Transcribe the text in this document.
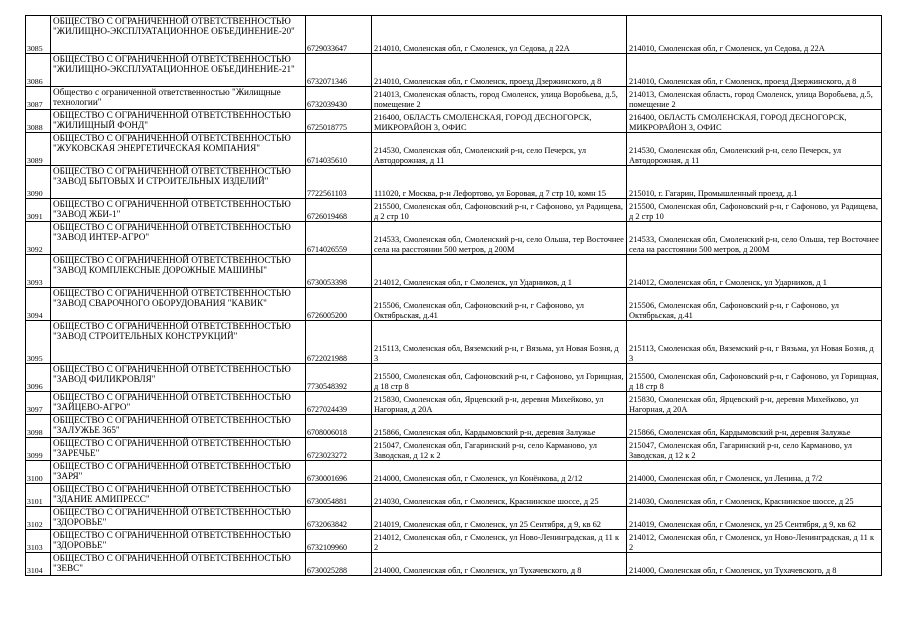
3085	ОБЩЕСТВО С ОГРАНИЧЕННОЙ ОТВЕТСТВЕННОСТЬЮ "ЖИЛИЩНО-ЭКСПЛУАТАЦИОННОЕ ОБЪЕДИНЕНИЕ-20"	6729033647	214010, Смоленская обл, г Смоленск, ул Седова, д 22А	214010, Смоленская обл, г Смоленск, ул Седова, д 22А
3086	ОБЩЕСТВО С ОГРАНИЧЕННОЙ ОТВЕТСТВЕННОСТЬЮ "ЖИЛИЩНО-ЭКСПЛУАТАЦИОННОЕ ОБЪЕДИНЕНИЕ-21"	6732071346	214010, Смоленская обл, г Смоленск, проезд Дзержинского, д 8	214010, Смоленская обл, г Смоленск, проезд Дзержинского, д 8
3087	Общество с ограниченной ответственностью "Жилищные технологии"	6732039430	214013, Смоленская область, город Смоленск, улица Воробьева, д.5, помещение 2	214013, Смоленская область, город Смоленск, улица Воробьева, д.5, помещение 2
3088	ОБЩЕСТВО С ОГРАНИЧЕННОЙ ОТВЕТСТВЕННОСТЬЮ "ЖИЛИЩНЫЙ ФОНД"	6725018775	216400, ОБЛАСТЬ СМОЛЕНСКАЯ, ГОРОД ДЕСНОГОРСК, МИКРОРАЙОН 3, ОФИС	216400, ОБЛАСТЬ СМОЛЕНСКАЯ, ГОРОД ДЕСНОГОРСК, МИКРОРАЙОН 3, ОФИС
3089	ОБЩЕСТВО С ОГРАНИЧЕННОЙ ОТВЕТСТВЕННОСТЬЮ "ЖУКОВСКАЯ ЭНЕРГЕТИЧЕСКАЯ КОМПАНИЯ"	6714035610	214530, Смоленская обл, Смоленский р-н, село Печерск, ул Автодорожная, д 11	214530, Смоленская обл, Смоленский р-н, село Печерск, ул Автодорожная, д 11
3090	ОБЩЕСТВО С ОГРАНИЧЕННОЙ ОТВЕТСТВЕННОСТЬЮ "ЗАВОД БЫТОВЫХ И СТРОИТЕЛЬНЫХ ИЗДЕЛИЙ"	7722561103	111020, г Москва, р-н Лефортово, ул Боровая, д 7 стр 10, комн 15	215010, г. Гагарин, Промышленный проезд, д.1
3091	ОБЩЕСТВО С ОГРАНИЧЕННОЙ ОТВЕТСТВЕННОСТЬЮ "ЗАВОД ЖБИ-1"	6726019468	215500, Смоленская обл, Сафоновский р-н, г Сафоново, ул Радищева, д 2 стр 10	215500, Смоленская обл, Сафоновский р-н, г Сафоново, ул Радищева, д 2 стр 10
3092	ОБЩЕСТВО С ОГРАНИЧЕННОЙ ОТВЕТСТВЕННОСТЬЮ "ЗАВОД ИНТЕР-АГРО"	6714026559	214533, Смоленская обл, Смоленский р-н, село Ольша, тер Восточнее села на расстоянии 500 метров, д 200М	214533, Смоленская обл, Смоленский р-н, село Ольша, тер Восточнее села на расстоянии 500 метров, д 200М
3093	ОБЩЕСТВО С ОГРАНИЧЕННОЙ ОТВЕТСТВЕННОСТЬЮ "ЗАВОД КОМПЛЕКСНЫЕ ДОРОЖНЫЕ МАШИНЫ"	6730053398	214012, Смоленская обл, г Смоленск, ул Ударников, д 1	214012, Смоленская обл, г Смоленск, ул Ударников, д 1
3094	ОБЩЕСТВО С ОГРАНИЧЕННОЙ ОТВЕТСТВЕННОСТЬЮ "ЗАВОД СВАРОЧНОГО ОБОРУДОВАНИЯ "КАВИК"	6726005200	215506, Смоленская обл, Сафоновский р-н, г Сафоново, ул Октябрьская, д.41	215506, Смоленская обл, Сафоновский р-н, г Сафоново, ул Октябрьская, д.41
3095	ОБЩЕСТВО С ОГРАНИЧЕННОЙ ОТВЕТСТВЕННОСТЬЮ "ЗАВОД СТРОИТЕЛЬНЫХ КОНСТРУКЦИЙ"	6722021988	215113, Смоленская обл, Вяземский р-н, г Вязьма, ул Новая Бозня, д 3	215113, Смоленская обл, Вяземский р-н, г Вязьма, ул Новая Бозня, д 3
3096	ОБЩЕСТВО С ОГРАНИЧЕННОЙ ОТВЕТСТВЕННОСТЬЮ "ЗАВОД ФИЛИКРОВЛЯ"	7730548392	215500, Смоленская обл, Сафоновский р-н, г Сафоново, ул Горищная, д 18 стр 8	215500, Смоленская обл, Сафоновский р-н, г Сафоново, ул Горищная, д 18 стр 8
3097	ОБЩЕСТВО С ОГРАНИЧЕННОЙ ОТВЕТСТВЕННОСТЬЮ "ЗАЙЦЕВО-АГРО"	6727024439	215830, Смоленская обл, Ярцевский р-н, деревня Михейково, ул Нагорная, д 20А	215830, Смоленская обл, Ярцевский р-н, деревня Михейково, ул Нагорная, д 20А
3098	ОБЩЕСТВО С ОГРАНИЧЕННОЙ ОТВЕТСТВЕННОСТЬЮ "ЗАЛУЖЬЕ 365"	6708006018	215866, Смоленская обл, Кардымовский р-н, деревня Залужье	215866, Смоленская обл, Кардымовский р-н, деревня Залужье
3099	ОБЩЕСТВО С ОГРАНИЧЕННОЙ ОТВЕТСТВЕННОСТЬЮ "ЗАРЕЧЬЕ"	6723023272	215047, Смоленская обл, Гагаринский р-н, село Карманово, ул Заводская, д 12 к 2	215047, Смоленская обл, Гагаринский р-н, село Карманово, ул Заводская, д 12 к 2
3100	ОБЩЕСТВО С ОГРАНИЧЕННОЙ ОТВЕТСТВЕННОСТЬЮ "ЗАРЯ"	6730001696	214000, Смоленская обл, г Смоленск, ул Конёнкова, д 2/12	214000, Смоленская обл, г Смоленск, ул Ленина, д 7/2
3101	ОБЩЕСТВО С ОГРАНИЧЕННОЙ ОТВЕТСТВЕННОСТЬЮ "ЗДАНИЕ АМИПРЕСС"	6730054881	214030, Смоленская обл, г Смоленск, Краснинское шоссе, д 25	214030, Смоленская обл, г Смоленск, Краснинское шоссе, д 25
3102	ОБЩЕСТВО С ОГРАНИЧЕННОЙ ОТВЕТСТВЕННОСТЬЮ "ЗДОРОВЬЕ"	6732063842	214019, Смоленская обл, г Смоленск, ул 25 Сентября, д 9, кв 62	214019, Смоленская обл, г Смоленск, ул 25 Сентября, д 9, кв 62
3103	ОБЩЕСТВО С ОГРАНИЧЕННОЙ ОТВЕТСТВЕННОСТЬЮ "ЗДОРОВЬЕ"	6732109960	214012, Смоленская обл, г Смоленск, ул Ново-Ленинградская, д 11 к 2	214012, Смоленская обл, г Смоленск, ул Ново-Ленинградская, д 11 к 2
3104	ОБЩЕСТВО С ОГРАНИЧЕННОЙ ОТВЕТСТВЕННОСТЬЮ "ЗЕВС"	6730025288	214000, Смоленская обл, г Смоленск, ул Тухачевского, д 8	214000, Смоленская обл, г Смоленск, ул Тухачевского, д 8
